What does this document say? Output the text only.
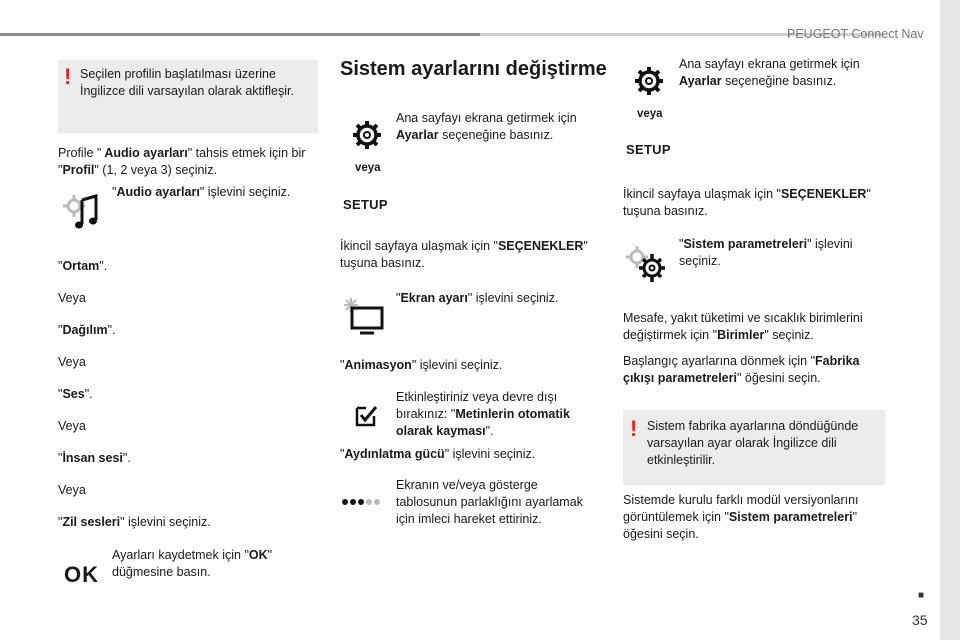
PEUGEOT Connect Nav
■
35
! Seçilen profilin başlatılması üzerine İngilizce dili varsayılan olarak aktifleşir.
Profile " Audio ayarları" tahsis etmek için bir "Profil" (1, 2 veya 3) seçiniz.
"Audio ayarları" işlevini seçiniz.
"Ortam".
Veya
"Dağılım".
Veya
"Ses".
Veya
"İnsan sesi".
Veya
"Zil sesleri" işlevini seçiniz.
OK
Ayarları kaydetmek için "OK" düğmesine basın.
Sistem ayarlarını değiştirme
veya
SETUP
Ana sayfayı ekrana getirmek için Ayarlar seçeneğine basınız.
İkincil sayfaya ulaşmak için "SEÇENEKLER" tuşuna basınız.
"Ekran ayarı" işlevini seçiniz.
"Animasyon" işlevini seçiniz.
Etkinleştiriniz veya devre dışı bırakınız: "Metinlerin otomatik olarak kayması".
"Aydınlatma gücü" işlevini seçiniz.
Ekranın ve/veya gösterge tablosunun parlaklığını ayarlamak için imleci hareket ettiriniz.
veya
SETUP
Ana sayfayı ekrana getirmek için Ayarlar seçeneğine basınız.
İkincil sayfaya ulaşmak için "SEÇENEKLER" tuşuna basınız.
"Sistem parametreleri" işlevini seçiniz.
Mesafe, yakıt tüketimi ve sıcaklık birimlerini değiştirmek için "Birimler" seçiniz.
Başlangıç ayarlarına dönmek için "Fabrika çıkışı parametreleri" öğesini seçin.
! Sistem fabrika ayarlarına döndüğünde varsayılan ayar olarak İngilizce dili etkinleştirilir.
Sistemde kurulu farklı modül versiyonlarını görüntülemek için "Sistem parametreleri" öğesini seçin.
